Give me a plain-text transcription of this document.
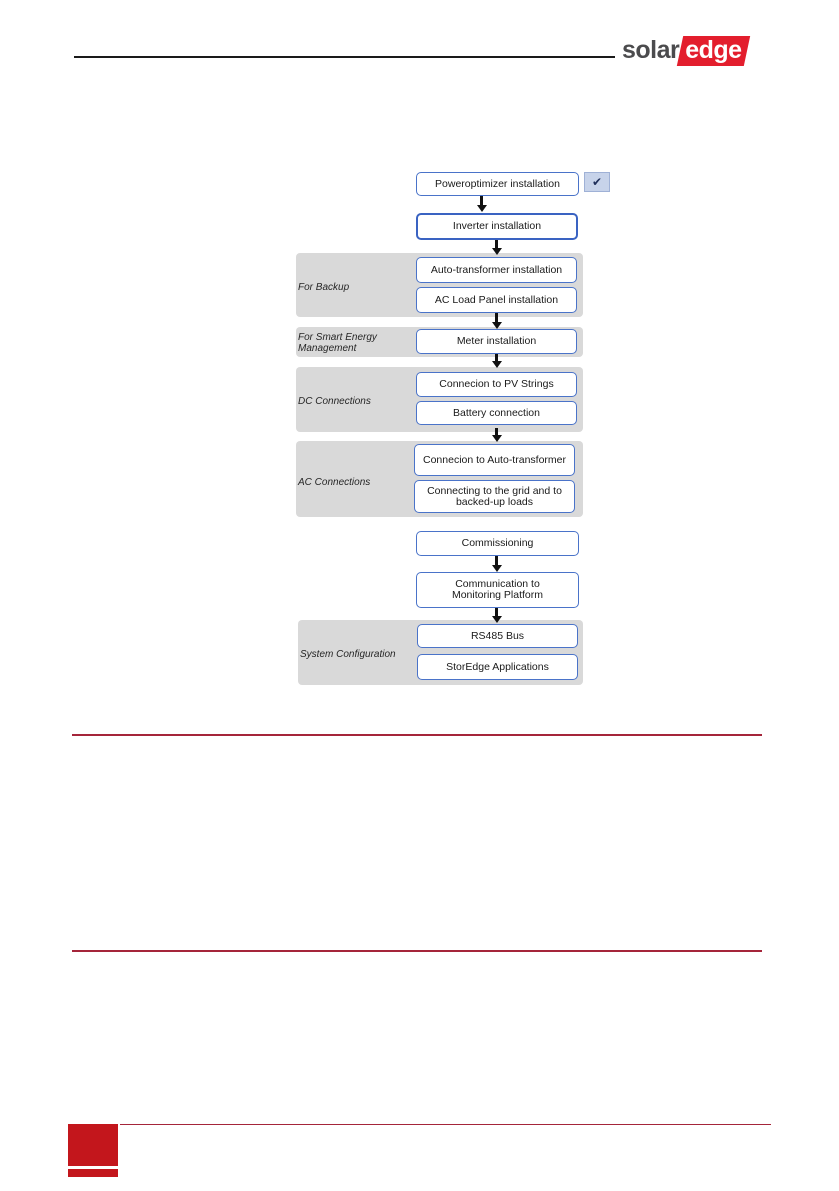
solar edge
For Backup
For Smart Energy Management
DC Connections
AC Connections
System Configuration
Poweroptimizer installation	✔
Inverter installation
Auto-transformer installation
AC Load Panel installation
Meter installation
Connecion to PV Strings
Battery connection
Connecion to Auto-transformer
Connecting to the grid and to backed-up loads
Commissioning
Communication to Monitoring Platform
RS485 Bus
StorEdge Applications
